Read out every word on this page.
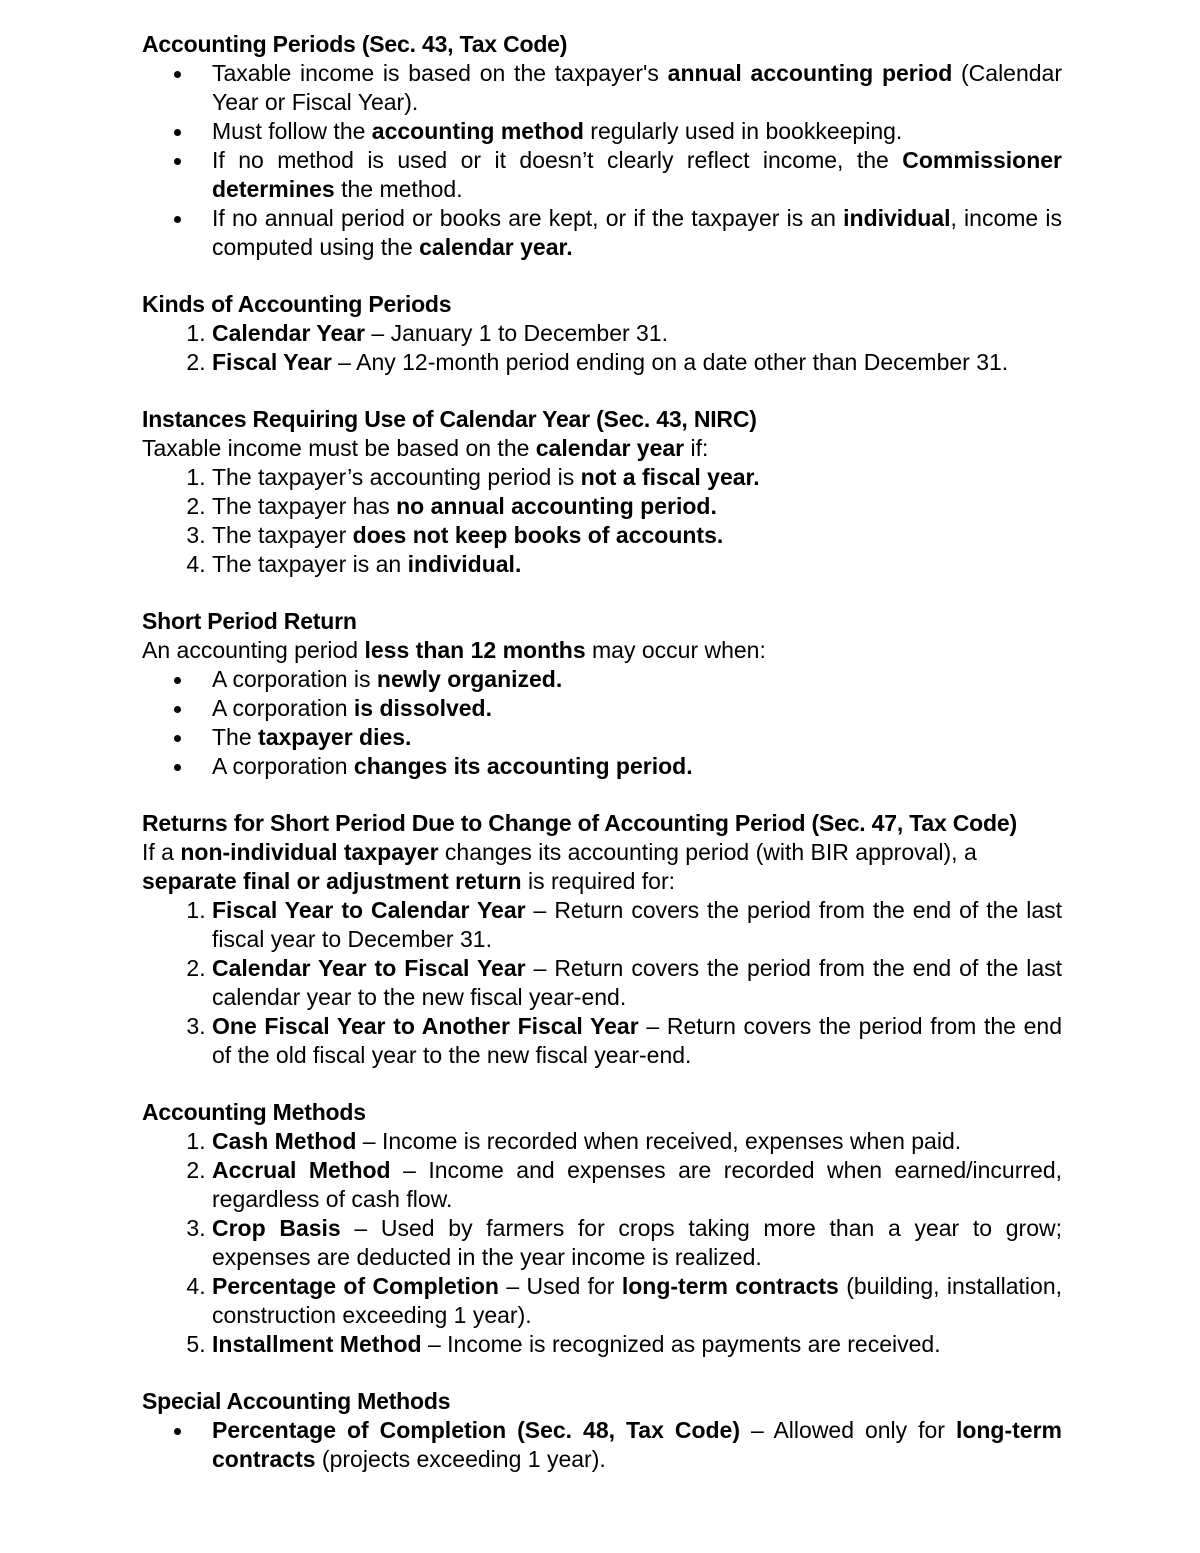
Accounting Periods (Sec. 43, Tax Code)
Taxable income is based on the taxpayer's annual accounting period (Calendar Year or Fiscal Year).
Must follow the accounting method regularly used in bookkeeping.
If no method is used or it doesn’t clearly reflect income, the Commissioner determines the method.
If no annual period or books are kept, or if the taxpayer is an individual, income is computed using the calendar year.
Kinds of Accounting Periods
1. Calendar Year – January 1 to December 31.
2. Fiscal Year – Any 12-month period ending on a date other than December 31.
Instances Requiring Use of Calendar Year (Sec. 43, NIRC)
Taxable income must be based on the calendar year if:
1. The taxpayer’s accounting period is not a fiscal year.
2. The taxpayer has no annual accounting period.
3. The taxpayer does not keep books of accounts.
4. The taxpayer is an individual.
Short Period Return
An accounting period less than 12 months may occur when:
A corporation is newly organized.
A corporation is dissolved.
The taxpayer dies.
A corporation changes its accounting period.
Returns for Short Period Due to Change of Accounting Period (Sec. 47, Tax Code)
If a non-individual taxpayer changes its accounting period (with BIR approval), a separate final or adjustment return is required for:
1. Fiscal Year to Calendar Year – Return covers the period from the end of the last fiscal year to December 31.
2. Calendar Year to Fiscal Year – Return covers the period from the end of the last calendar year to the new fiscal year-end.
3. One Fiscal Year to Another Fiscal Year – Return covers the period from the end of the old fiscal year to the new fiscal year-end.
Accounting Methods
1. Cash Method – Income is recorded when received, expenses when paid.
2. Accrual Method – Income and expenses are recorded when earned/incurred, regardless of cash flow.
3. Crop Basis – Used by farmers for crops taking more than a year to grow; expenses are deducted in the year income is realized.
4. Percentage of Completion – Used for long-term contracts (building, installation, construction exceeding 1 year).
5. Installment Method – Income is recognized as payments are received.
Special Accounting Methods
Percentage of Completion (Sec. 48, Tax Code) – Allowed only for long-term contracts (projects exceeding 1 year).
